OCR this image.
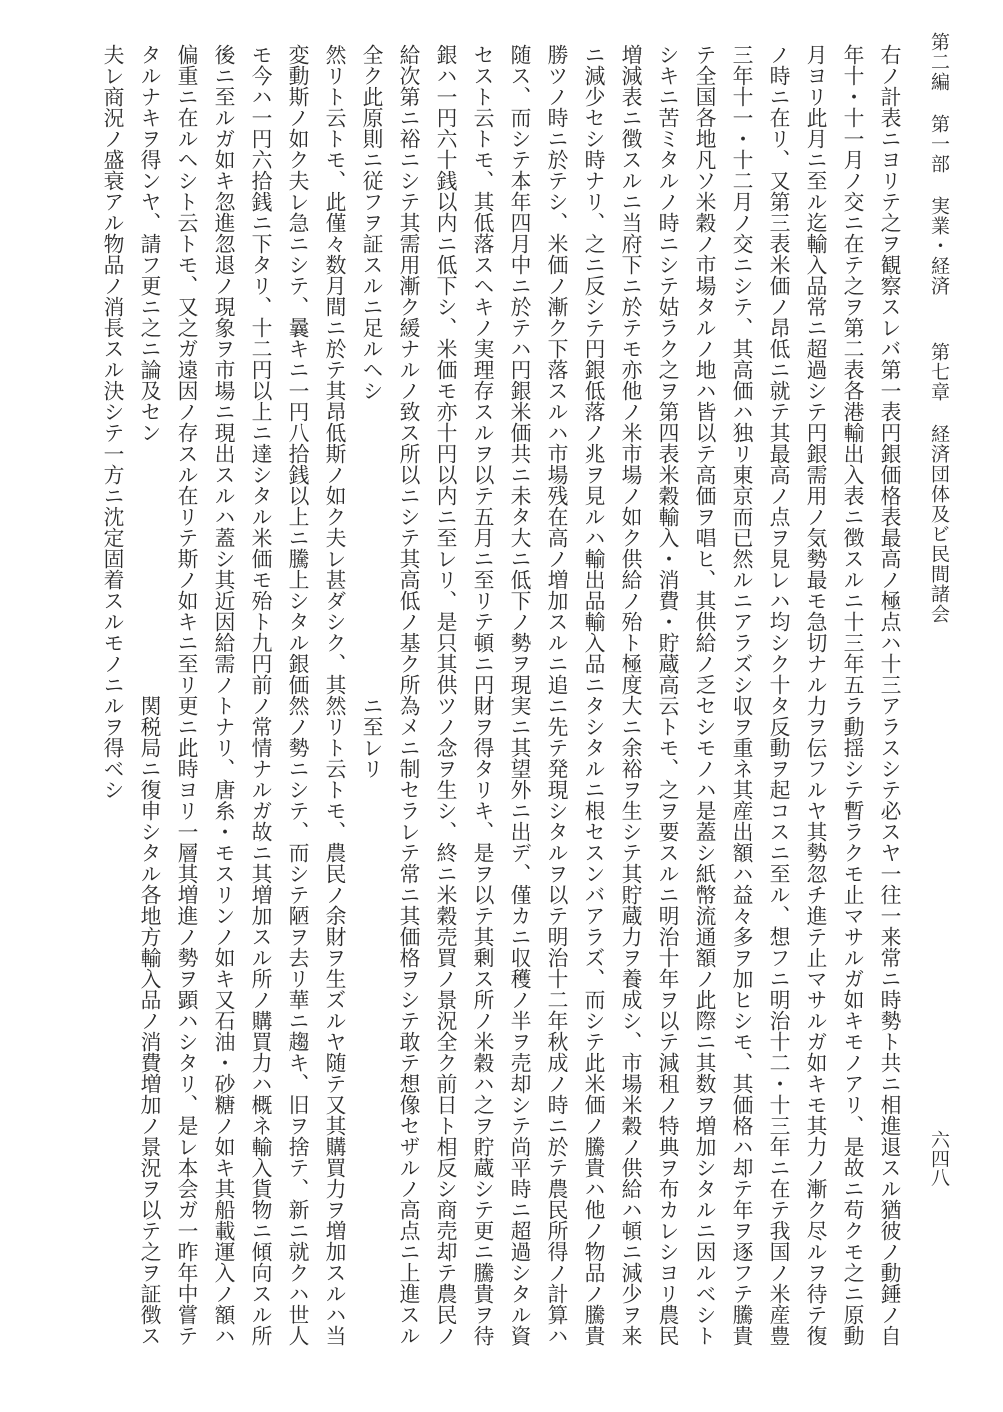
第二編第一部実業・経済第七章経済団体及ビ民間諸会
六四八
右ノ計表ニヨリテ之ヲ観察スレバ第一表円銀価格表最高ノ極点ハ十三
年十・十一月ノ交ニ在テ之ヲ第二表各港輸出入表ニ徴スルニ十三年五
月ヨリ此月ニ至ル迄輸入品常ニ超過シテ円銀需用ノ気勢最モ急切ナル
ノ時ニ在リ、又第三表米価ノ昂低ニ就テ其最高ノ点ヲ見レハ均シク十
三年十一・十二月ノ交ニシテ、其高価ハ独リ東京而已然ルニアラズシ
テ全国各地凡ソ米穀ノ市場タルノ地ハ皆以テ高価ヲ唱ヒ、其供給ノ乏
シキニ苦ミタルノ時ニシテ姑ラク之ヲ第四表米穀輸入・消費・貯蔵高
増減表ニ徴スルニ当府下ニ於テモ亦他ノ米市場ノ如ク供給ノ殆ト極度
ニ減少セシ時ナリ、之ニ反シテ円銀低落ノ兆ヲ見ルハ輸出品輸入品ニ
勝ツノ時ニ於テシ、米価ノ漸ク下落スルハ市場残在高ノ増加スルニ追
随ス、而シテ本年四月中ニ於テハ円銀米価共ニ未タ大ニ低下ノ勢ヲ現
セスト云トモ、其低落スヘキノ実理存スルヲ以テ五月ニ至リテ頓ニ円
銀ハ一円六十銭以内ニ低下シ、米価モ亦十円以内ニ至レリ、是只其供
給次第ニ裕ニシテ其需用漸ク緩ナルノ致ス所以ニシテ其高低ノ基ク所
全ク此原則ニ従フヲ証スルニ足ルヘシ
然リト云トモ、此僅々数月間ニ於テ其昂低斯ノ如ク夫レ甚ダシク、其
変動斯ノ如ク夫レ急ニシテ、曩キニ一円八拾銭以上ニ騰上シタル銀価
モ今ハ一円六拾銭ニ下タリ、十二円以上ニ達シタル米価モ殆ト九円前
後ニ至ルガ如キ忽進忽退ノ現象ヲ市場ニ現出スルハ蓋シ其近因給需ノ
偏重ニ在ルヘシト云トモ、又之ガ遠因ノ存スル在リテ斯ノ如キニ至リ
タルナキヲ得ンヤ、請フ更ニ之ニ論及セン
夫レ商況ノ盛衰アル物品ノ消長スル決シテ一方ニ沈定固着スルモノニ
アラスシテ必スヤ一往一来常ニ時勢ト共ニ相進退スル猶彼ノ動錘ノ自
ラ動揺シテ暫ラクモ止マサルガ如キモノアリ、是故ニ苟クモ之ニ原動
力ヲ伝フルヤ其勢忽チ進テ止マサルガ如キモ其力ノ漸ク尽ルヲ待テ復
タ反動ヲ起コスニ至ル、想フニ明治十二・十三年ニ在テ我国ノ米産豊
収ヲ重ネ其産出額ハ益々多ヲ加ヒシモ、其価格ハ却テ年ヲ逐フテ騰貴
セシモノハ是蓋シ紙幣流通額ノ此際ニ其数ヲ増加シタルニ因ルベシト
云トモ、之ヲ要スルニ明治十年ヲ以テ減租ノ特典ヲ布カレシヨリ農民
大ニ余裕ヲ生シテ其貯蔵力ヲ養成シ、市場米穀ノ供給ハ頓ニ減少ヲ来
タシタルニ根セスンバアラズ、而シテ此米価ノ騰貴ハ他ノ物品ノ騰貴
ニ先テ発現シタルヲ以テ明治十二年秋成ノ時ニ於テ農民所得ノ計算ハ
実ニ其望外ニ出デ、僅カニ収穫ノ半ヲ売却シテ尚平時ニ超過シタル資
財ヲ得タリキ、是ヲ以テ其剰ス所ノ米穀ハ之ヲ貯蔵シテ更ニ騰貴ヲ待
ツノ念ヲ生シ、終ニ米穀売買ノ景況全ク前日ト相反シ商売却テ農民ノ
為メニ制セラレテ常ニ其価格ヲシテ敢テ想像セザルノ高点ニ上進スル
ニ至レリ
然リト云トモ、農民ノ余財ヲ生ズルヤ随テ又其購買力ヲ増加スルハ当
然ノ勢ニシテ、而シテ陋ヲ去リ華ニ趨キ、旧ヲ捨テ、新ニ就クハ世人
ノ常情ナルガ故ニ其増加スル所ノ購買力ハ概ネ輸入貨物ニ傾向スル所
トナリ、唐糸・モスリンノ如キ又石油・砂糖ノ如キ其船載運入ノ額ハ
更ニ此時ヨリ一層其増進ノ勢ヲ顕ハシタリ、是レ本会ガ一昨年中嘗テ
関税局ニ復申シタル各地方輸入品ノ消費増加ノ景況ヲ以テ之ヲ証徴ス
ルヲ得ベシ
